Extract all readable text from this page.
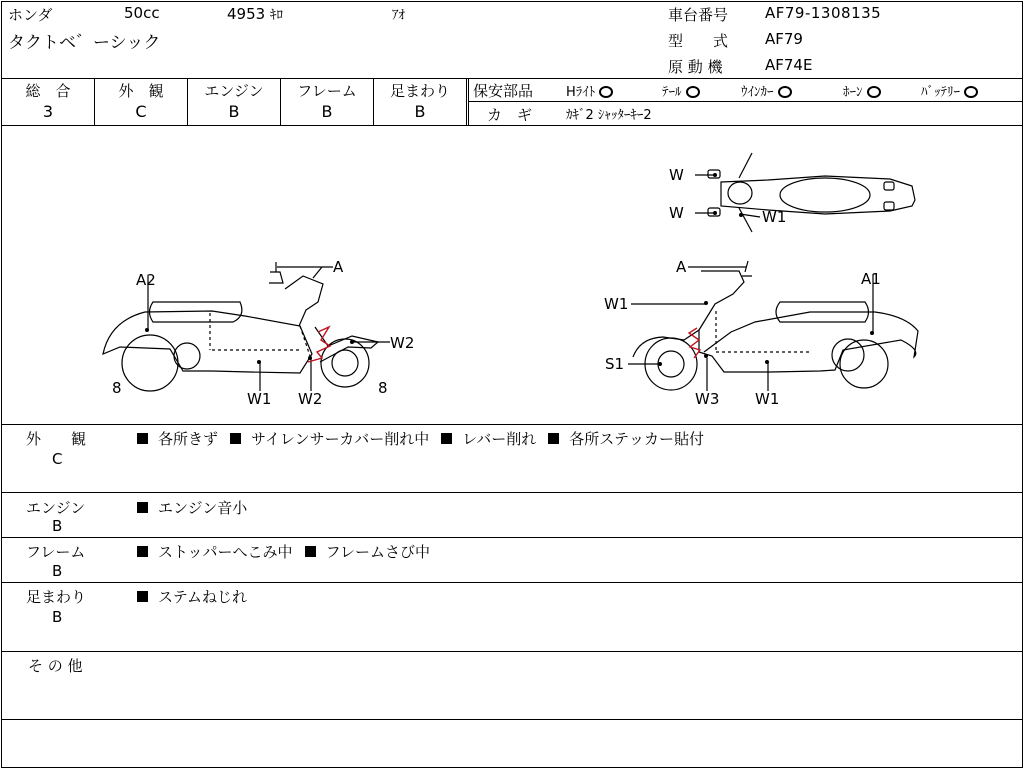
ホンダ	50cc	4953 ｷﾛ	ｱｵ
タクトベ゛ーシック
車台番号 AF79-1308135
型　　式 AF79
原 動 機	AF74E
総　合
3
外　観
C
エンジン
B
フレーム
B
足まわり
B
保安部品	Hﾗｲﾄ	ﾃｰﾙ	ｳｲﾝｶｰ	ﾎｰﾝ	ﾊﾞｯﾃﾘｰ
カ　ギ	ｶｷﾞ2 ｼｬｯﾀｰｷｰ2
W
W	W1
A
A2
W2
8
W1 W2
8
A
A1
W1
S1
W3 W1
外　　観
C
各所きず サイレンサーカバー削れ中 レバー削れ 各所ステッカー貼付
エンジン
B
エンジン音小
フレーム
B
ストッパーへこみ中 フレームさび中
足まわり
B
ステムねじれ
そ の 他
